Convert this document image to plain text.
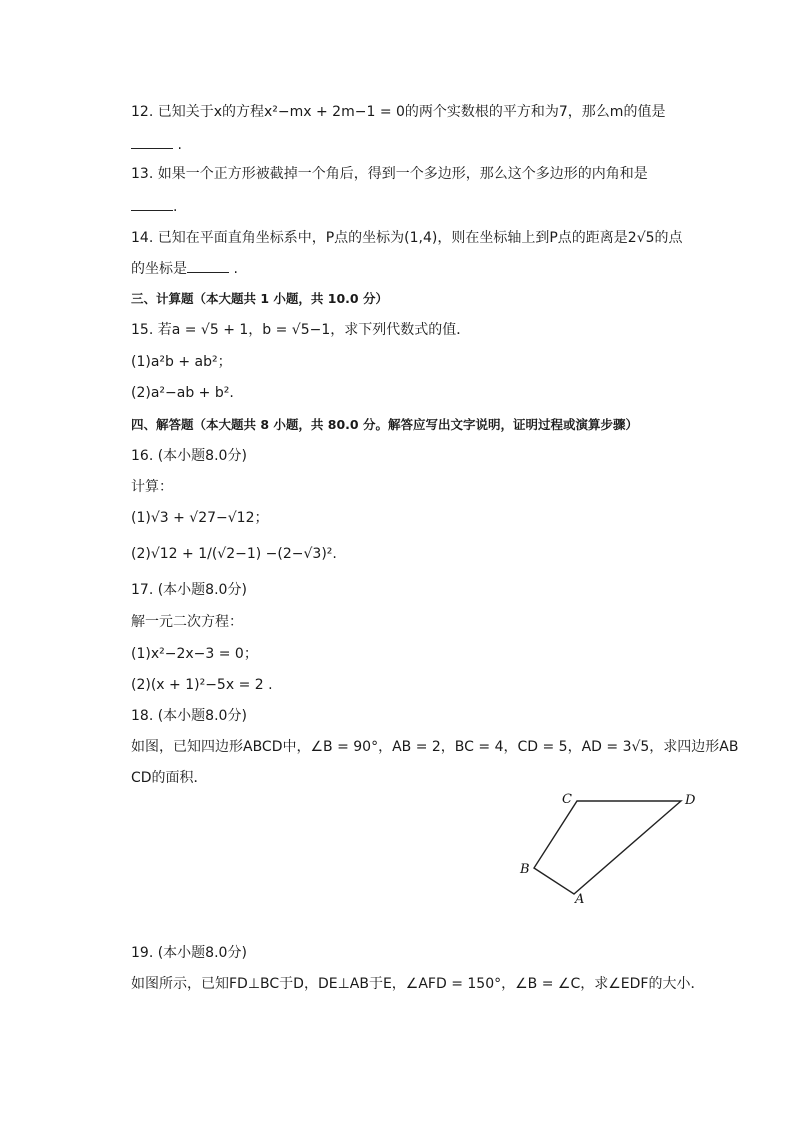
12. 已知关于x的方程x²−mx + 2m−1 = 0的两个实数根的平方和为7，那么m的值是
.
13. 如果一个正方形被截掉一个角后，得到一个多边形，那么这个多边形的内角和是
.
14. 已知在平面直角坐标系中，P点的坐标为(1,4)，则在坐标轴上到P点的距离是2√5的点
的坐标是	.
三、计算题（本大题共 1 小题，共 10.0 分）
15. 若a = √5 + 1，b = √5−1，求下列代数式的值．
(1)a²b + ab²；
(2)a²−ab + b².
四、解答题（本大题共 8 小题，共 80.0 分。解答应写出文字说明，证明过程或演算步骤）
16. (本小题8.0分)
计算：
(1)√3 + √27−√12；
(2)√12 + 1/(√2−1) −(2−√3)².
17. (本小题8.0分)
解一元二次方程：
(1)x²−2x−3 = 0；
(2)(x + 1)²−5x = 2 .
18. (本小题8.0分)
如图，已知四边形ABCD中，∠B = 90°，AB = 2，BC = 4，CD = 5，AD = 3√5，求四边形AB
CD的面积．
C	D
B
A
19. (本小题8.0分)
如图所示，已知FD⊥BC于D，DE⊥AB于E，∠AFD = 150°，∠B = ∠C，求∠EDF的大小．
